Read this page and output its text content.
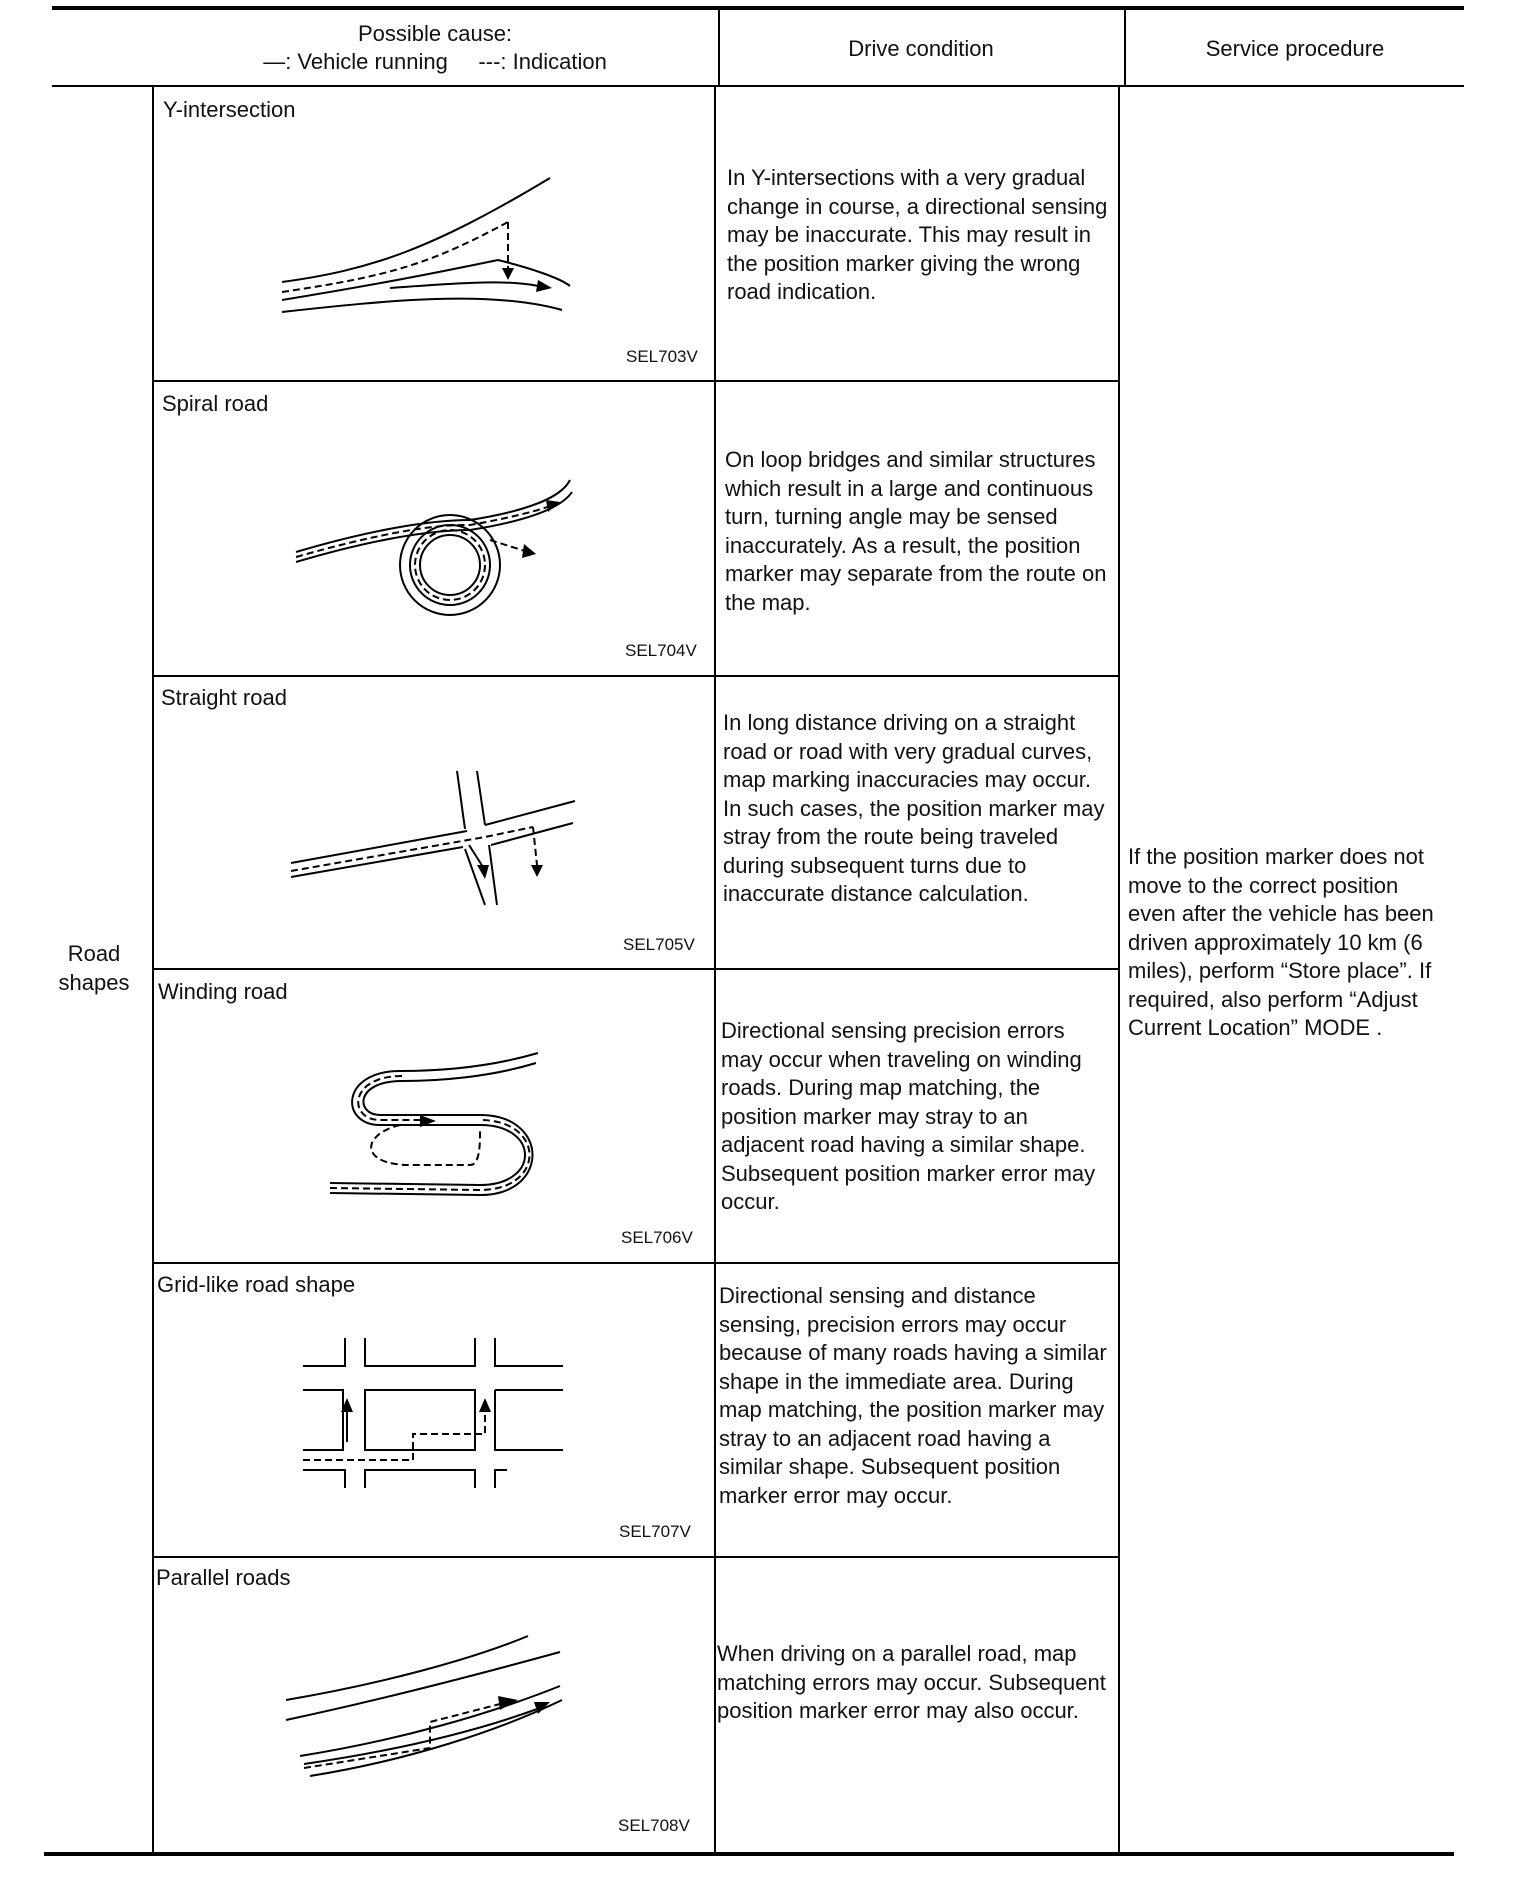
Possible cause:
—: Vehicle running     ---: Indication
Drive condition	Service procedure
Road shapes
If the position marker does not move to the correct position even after the vehicle has been driven approximately 10 km (6 miles), perform “Store place”. If required, also perform “Adjust Current Location” MODE .
Y-intersection
SEL703V
In Y-intersections with a very gradual change in course, a directional sensing may be inaccurate. This may result in the position marker giving the wrong road indication.
Spiral road
SEL704V
On loop bridges and similar structures which result in a large and continuous turn, turning angle may be sensed inaccurately. As a result, the position marker may separate from the route on the map.
Straight road
SEL705V
In long distance driving on a straight road or road with very gradual curves, map marking inaccuracies may occur. In such cases, the position marker may stray from the route being traveled during subsequent turns due to inaccurate distance calculation.
Winding road
SEL706V
Directional sensing precision errors may occur when traveling on winding roads. During map matching, the position marker may stray to an adjacent road having a similar shape. Subsequent position marker error may occur.
Grid-like road shape
SEL707V
Directional sensing and distance sensing, precision errors may occur because of many roads having a similar shape in the immediate area. During map matching, the position marker may stray to an adjacent road having a similar shape. Subsequent position marker error may occur.
Parallel roads
SEL708V
When driving on a parallel road, map matching errors may occur. Subsequent position marker error may also occur.
